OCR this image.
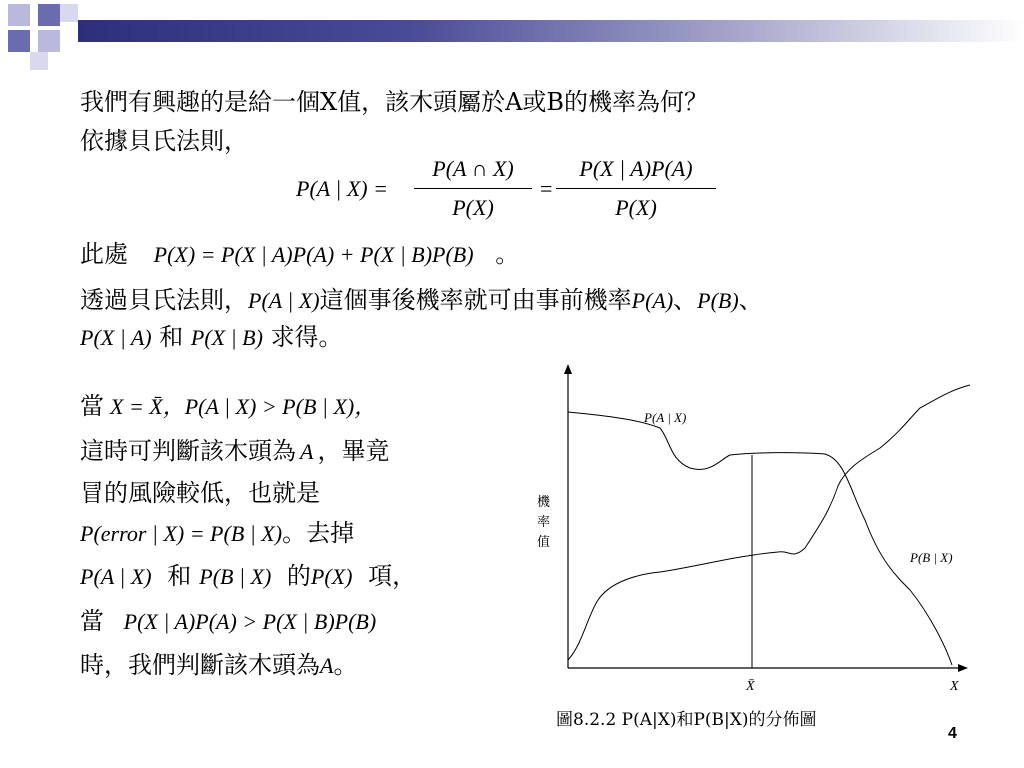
我們有興趣的是給一個X值，該木頭屬於A或B的機率為何？
依據貝氏法則，
P(A | X) =
P(A ∩ X)
P(X)
=
P(X | A)P(A)
P(X)
此處 P(X) = P(X | A)P(A) + P(X | B)P(B) 。
透過貝氏法則，P(A | X)這個事後機率就可由事前機率P(A)、P(B)、
P(X | A) 和 P(X | B) 求得。
當 X = X̄，P(A | X) > P(B | X)，
這時可判斷該木頭為 A ，畢竟
冒的風險較低，也就是
P(error | X) = P(B | X)。去掉
P(A | X) 和 P(B | X) 的P(X) 項，
當 P(X | A)P(A) > P(X | B)P(B)
時，我們判斷該木頭為A。
P(A | X)
P(B | X)
機
率
值
X̄	X
圖8.2.2 P(A|X)和P(B|X)的分佈圖
4
